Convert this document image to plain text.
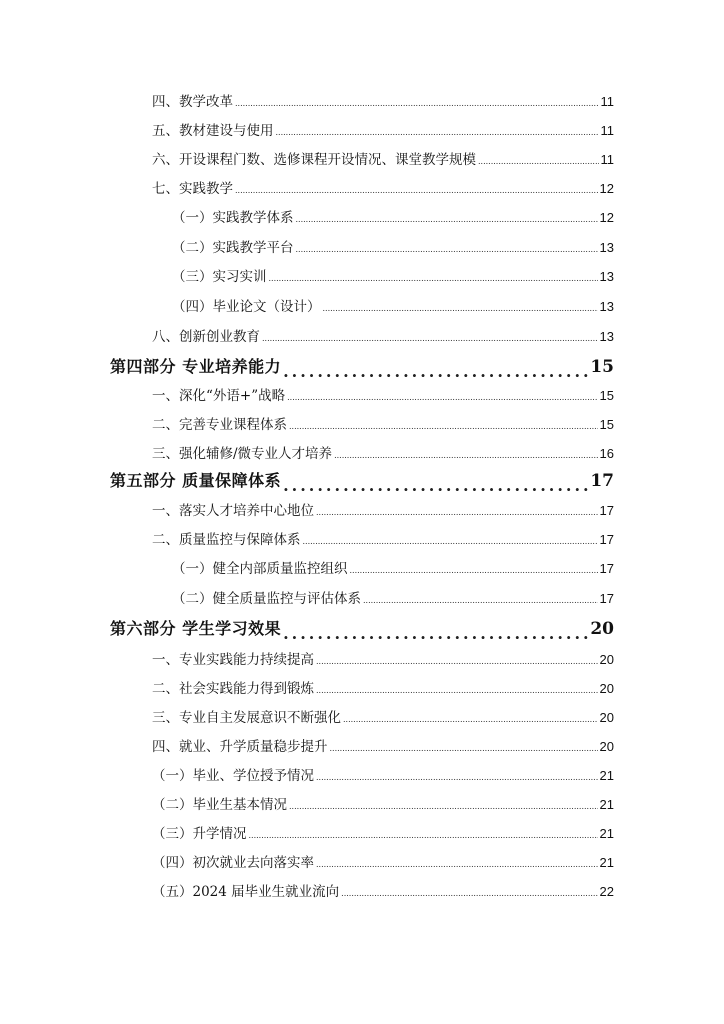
四、教学改革 .....	11
五、教材建设与使用 .....	11
六、开设课程门数、选修课程开设情况、课堂教学规模 .....	11
七、实践教学 .....	12
（一）实践教学体系 .....	12
（二）实践教学平台 .....	13
（三）实习实训 .....	13
（四）毕业论文（设计） .....	13
八、创新创业教育 .....	13
第四部分 专业培养能力 .....	15
一、深化“外语+”战略 .....	15
二、完善专业课程体系 .....	15
三、强化辅修/微专业人才培养 .....	16
第五部分 质量保障体系 .....	17
一、落实人才培养中心地位 .....	17
二、质量监控与保障体系 .....	17
（一）健全内部质量监控组织 .....	17
（二）健全质量监控与评估体系 .....	17
第六部分 学生学习效果 .....	20
一、专业实践能力持续提高 .....	20
二、社会实践能力得到锻炼 .....	20
三、专业自主发展意识不断强化 .....	20
四、就业、升学质量稳步提升 .....	20
（一）毕业、学位授予情况 .....	21
（二）毕业生基本情况 .....	21
（三）升学情况 .....	21
（四）初次就业去向落实率 .....	21
（五）2024 届毕业生就业流向 .....	22
